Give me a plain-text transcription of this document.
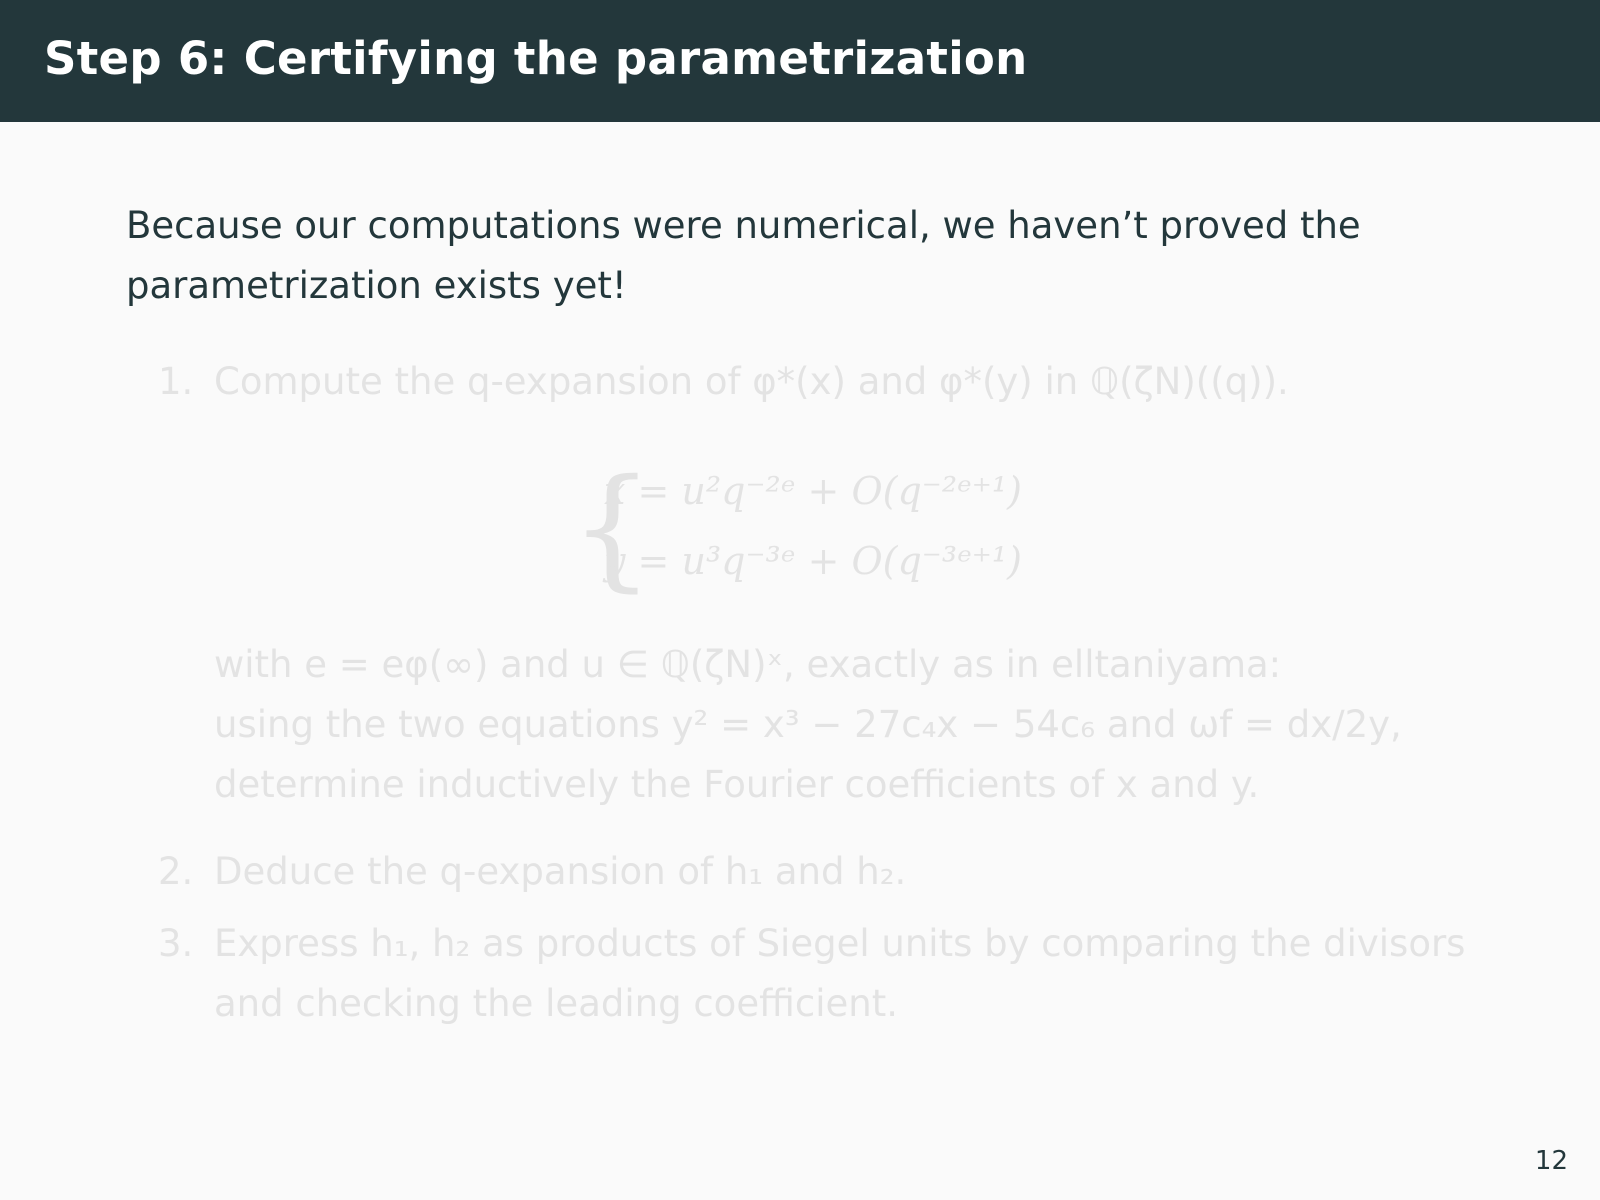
Step 6: Certifying the parametrization
Because our computations were numerical, we haven’t proved the parametrization exists yet!
1. Compute the q-expansion of φ*(x) and φ*(y) in ℚ(ζN)((q)).
{
x = u²q⁻²ᵉ + O(q⁻²ᵉ⁺¹)
y = u³q⁻³ᵉ + O(q⁻³ᵉ⁺¹)
with e = eφ(∞) and u ∈ ℚ(ζN)ˣ, exactly as in elltaniyama:
using the two equations y² = x³ − 27c₄x − 54c₆ and ωf = dx/2y,
determine inductively the Fourier coefficients of x and y.
2. Deduce the q-expansion of h₁ and h₂.
3. Express h₁, h₂ as products of Siegel units by comparing the divisors
and checking the leading coefficient.
12
